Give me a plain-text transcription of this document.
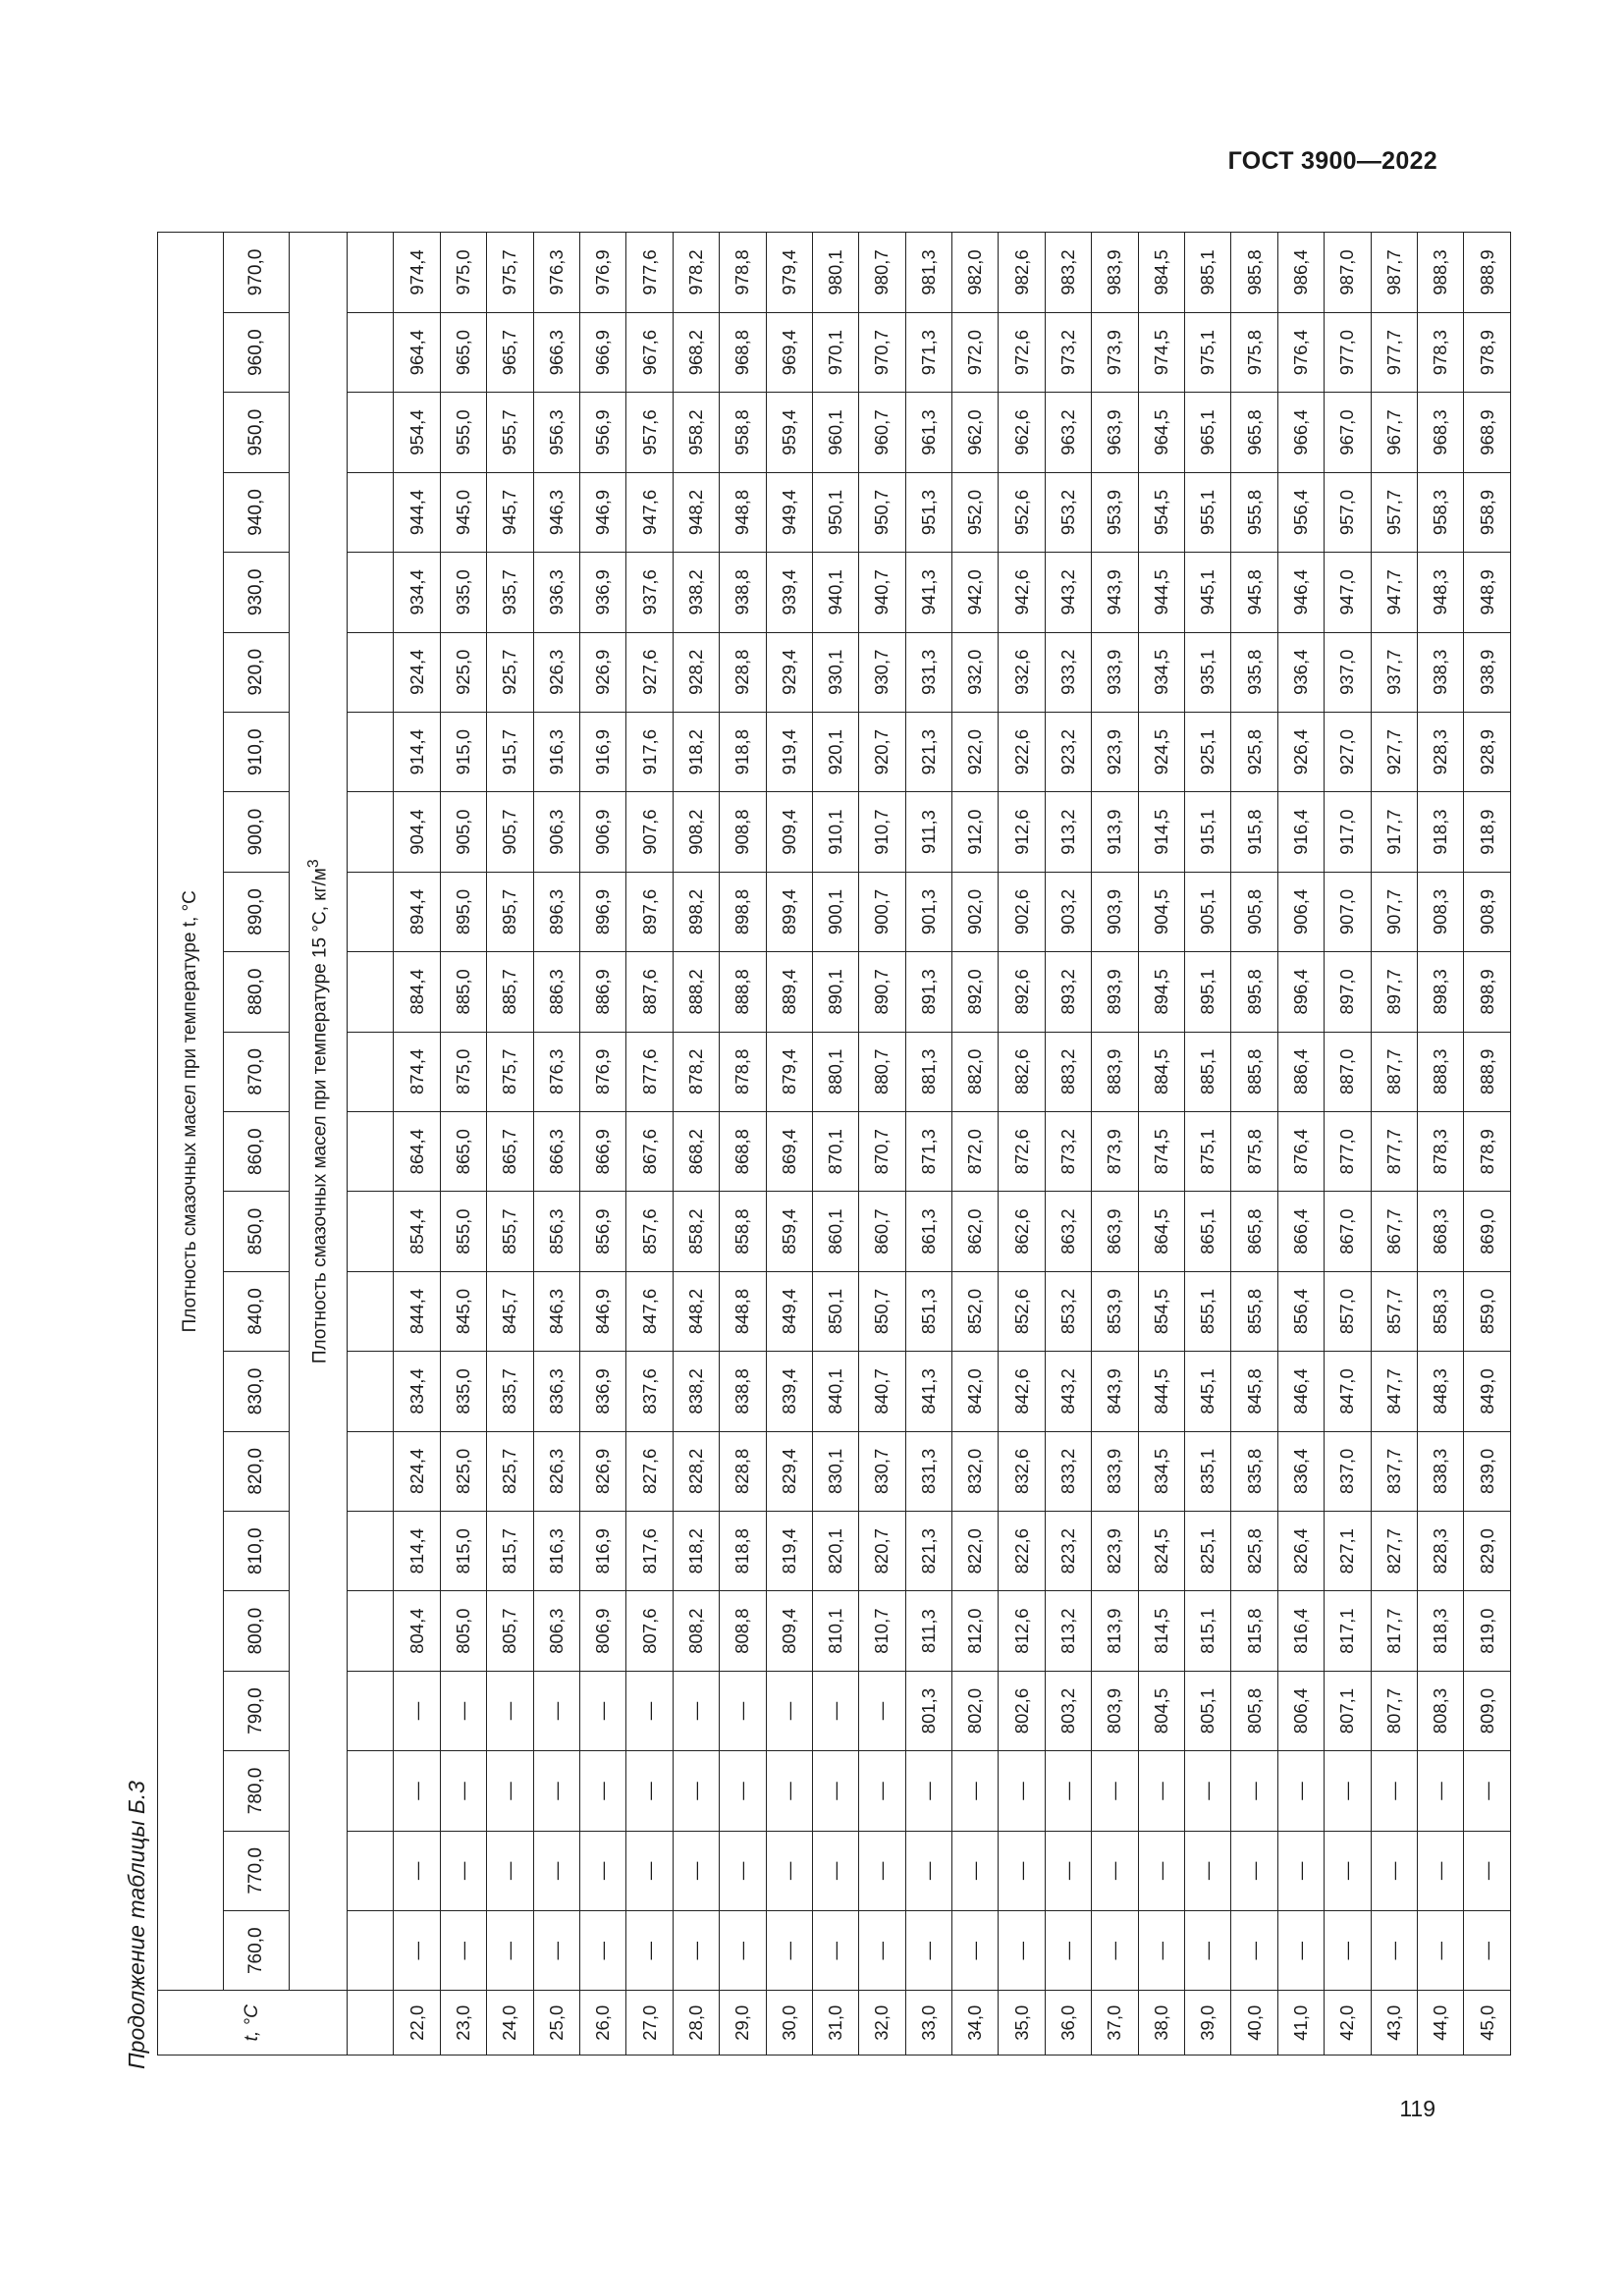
ГОСТ 3900—2022
Продолжение таблицы Б.3	t, °C	Плотность смазочных масел при температуре t, °C																					
	760,0	770,0	780,0	790,0	800,0	810,0	820,0	830,0	840,0	850,0	860,0	870,0	880,0	890,0	900,0	910,0	920,0	930,0	940,0	950,0	960,0	970,0
	Плотность смазочных масел при температуре 15 °C, $кг/м^3$

22,0	—	—	—	—	804,4	814,4	824,4	834,4	844,4	854,4	864,4	874,4	884,4	894,4	904,4	914,4	924,4	934,4	944,4	954,4	964,4	974,4
23,0	—	—	—	—	805,0	815,0	825,0	835,0	845,0	855,0	865,0	875,0	885,0	895,0	905,0	915,0	925,0	935,0	945,0	955,0	965,0	975,0
24,0	—	—	—	—	805,7	815,7	825,7	835,7	845,7	855,7	865,7	875,7	885,7	895,7	905,7	915,7	925,7	935,7	945,7	955,7	965,7	975,7
25,0	—	—	—	—	806,3	816,3	826,3	836,3	846,3	856,3	866,3	876,3	886,3	896,3	906,3	916,3	926,3	936,3	946,3	956,3	966,3	976,3
26,0	—	—	—	—	806,9	816,9	826,9	836,9	846,9	856,9	866,9	876,9	886,9	896,9	906,9	916,9	926,9	936,9	946,9	956,9	966,9	976,9
27,0	—	—	—	—	807,6	817,6	827,6	837,6	847,6	857,6	867,6	877,6	887,6	897,6	907,6	917,6	927,6	937,6	947,6	957,6	967,6	977,6
28,0	—	—	—	—	808,2	818,2	828,2	838,2	848,2	858,2	868,2	878,2	888,2	898,2	908,2	918,2	928,2	938,2	948,2	958,2	968,2	978,2
29,0	—	—	—	—	808,8	818,8	828,8	838,8	848,8	858,8	868,8	878,8	888,8	898,8	908,8	918,8	928,8	938,8	948,8	958,8	968,8	978,8
30,0	—	—	—	—	809,4	819,4	829,4	839,4	849,4	859,4	869,4	879,4	889,4	899,4	909,4	919,4	929,4	939,4	949,4	959,4	969,4	979,4
31,0	—	—	—	—	810,1	820,1	830,1	840,1	850,1	860,1	870,1	880,1	890,1	900,1	910,1	920,1	930,1	940,1	950,1	960,1	970,1	980,1
32,0	—	—	—	—	810,7	820,7	830,7	840,7	850,7	860,7	870,7	880,7	890,7	900,7	910,7	920,7	930,7	940,7	950,7	960,7	970,7	980,7
33,0	—	—	—	801,3	811,3	821,3	831,3	841,3	851,3	861,3	871,3	881,3	891,3	901,3	911,3	921,3	931,3	941,3	951,3	961,3	971,3	981,3
34,0	—	—	—	802,0	812,0	822,0	832,0	842,0	852,0	862,0	872,0	882,0	892,0	902,0	912,0	922,0	932,0	942,0	952,0	962,0	972,0	982,0
35,0	—	—	—	802,6	812,6	822,6	832,6	842,6	852,6	862,6	872,6	882,6	892,6	902,6	912,6	922,6	932,6	942,6	952,6	962,6	972,6	982,6
36,0	—	—	—	803,2	813,2	823,2	833,2	843,2	853,2	863,2	873,2	883,2	893,2	903,2	913,2	923,2	933,2	943,2	953,2	963,2	973,2	983,2
37,0	—	—	—	803,9	813,9	823,9	833,9	843,9	853,9	863,9	873,9	883,9	893,9	903,9	913,9	923,9	933,9	943,9	953,9	963,9	973,9	983,9
38,0	—	—	—	804,5	814,5	824,5	834,5	844,5	854,5	864,5	874,5	884,5	894,5	904,5	914,5	924,5	934,5	944,5	954,5	964,5	974,5	984,5
39,0	—	—	—	805,1	815,1	825,1	835,1	845,1	855,1	865,1	875,1	885,1	895,1	905,1	915,1	925,1	935,1	945,1	955,1	965,1	975,1	985,1
40,0	—	—	—	805,8	815,8	825,8	835,8	845,8	855,8	865,8	875,8	885,8	895,8	905,8	915,8	925,8	935,8	945,8	955,8	965,8	975,8	985,8
41,0	—	—	—	806,4	816,4	826,4	836,4	846,4	856,4	866,4	876,4	886,4	896,4	906,4	916,4	926,4	936,4	946,4	956,4	966,4	976,4	986,4
42,0	—	—	—	807,1	817,1	827,1	837,0	847,0	857,0	867,0	877,0	887,0	897,0	907,0	917,0	927,0	937,0	947,0	957,0	967,0	977,0	987,0
43,0	—	—	—	807,7	817,7	827,7	837,7	847,7	857,7	867,7	877,7	887,7	897,7	907,7	917,7	927,7	937,7	947,7	957,7	967,7	977,7	987,7
44,0	—	—	—	808,3	818,3	828,3	838,3	848,3	858,3	868,3	878,3	888,3	898,3	908,3	918,3	928,3	938,3	948,3	958,3	968,3	978,3	988,3
45,0	—	—	—	809,0	819,0	829,0	839,0	849,0	859,0	869,0	878,9	888,9	898,9	908,9	918,9	928,9	938,9	948,9	958,9	968,9	978,9	988,9
119
